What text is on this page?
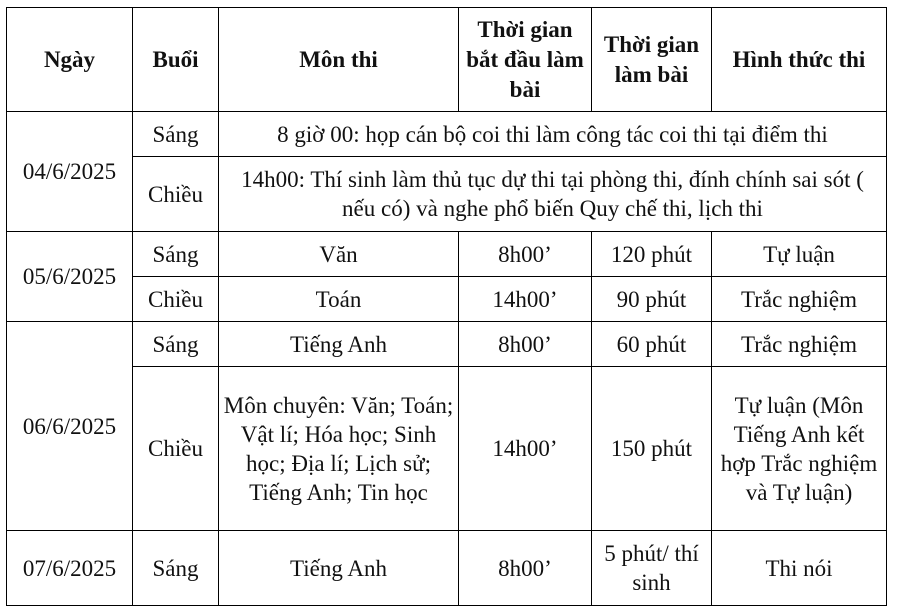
Ngày	Buổi	Môn thi	Thời gian bắt đầu làm bài	Thời gian làm bài	Hình thức thi
04/6/2025	Sáng	8 giờ 00: họp cán bộ coi thi làm công tác coi thi tại điểm thi			
	Chiều	14h00: Thí sinh làm thủ tục dự thi tại phòng thi, đính chính sai sót ( nếu có) và nghe phổ biến Quy chế thi, lịch thi			
05/6/2025	Sáng	Văn	8h00’	120 phút	Tự luận
	Chiều	Toán	14h00’	90 phút	Trắc nghiệm
06/6/2025	Sáng	Tiếng Anh	8h00’	60 phút	Trắc nghiệm
	Chiều	Môn chuyên: Văn; Toán; Vật lí; Hóa học; Sinh học; Địa lí; Lịch sử; Tiếng Anh; Tin học	14h00’	150 phút	Tự luận (Môn Tiếng Anh kết hợp Trắc nghiệm và Tự luận)
07/6/2025	Sáng	Tiếng Anh	8h00’	5 phút/ thí sinh	Thi nói
